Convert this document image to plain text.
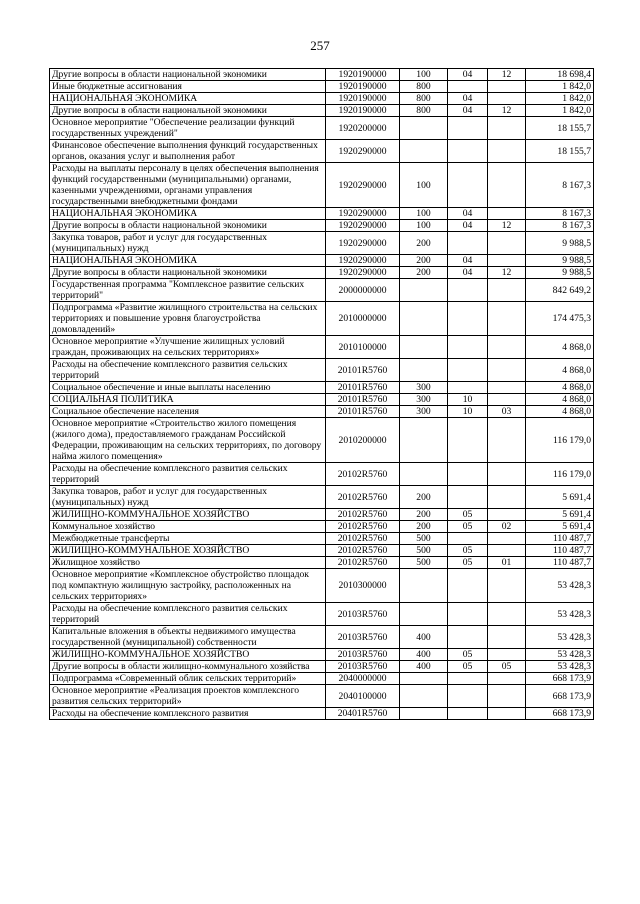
257
Другие вопросы в области национальной экономики	1920190000	100	04	12	18 698,4
Иные бюджетные ассигнования	1920190000	800			1 842,0
НАЦИОНАЛЬНАЯ ЭКОНОМИКА	1920190000	800	04		1 842,0
Другие вопросы в области национальной экономики	1920190000	800	04	12	1 842,0
Основное мероприятие "Обеспечение реализации функций государственных учреждений"	1920200000				18 155,7
Финансовое обеспечение выполнения функций государственных органов, оказания услуг и выполнения работ	1920290000				18 155,7
Расходы на выплаты персоналу в целях обеспечения выполнения функций государственными (муниципальными) органами, казенными учреждениями, органами управления государственными внебюджетными фондами	1920290000	100			8 167,3
НАЦИОНАЛЬНАЯ ЭКОНОМИКА	1920290000	100	04		8 167,3
Другие вопросы в области национальной экономики	1920290000	100	04	12	8 167,3
Закупка товаров, работ и услуг для государственных (муниципальных) нужд	1920290000	200			9 988,5
НАЦИОНАЛЬНАЯ ЭКОНОМИКА	1920290000	200	04		9 988,5
Другие вопросы в области национальной экономики	1920290000	200	04	12	9 988,5
Государственная программа "Комплексное развитие сельских территорий"	2000000000				842 649,2
Подпрограмма «Развитие жилищного строительства на сельских территориях и повышение уровня благоустройства домовладений»	2010000000				174 475,3
Основное мероприятие «Улучшение жилищных условий граждан, проживающих на сельских территориях»	2010100000				4 868,0
Расходы на обеспечение комплексного развития сельских территорий	20101R5760				4 868,0
Социальное обеспечение и иные выплаты населению	20101R5760	300			4 868,0
СОЦИАЛЬНАЯ ПОЛИТИКА	20101R5760	300	10		4 868,0
Социальное обеспечение населения	20101R5760	300	10	03	4 868,0
Основное мероприятие «Строительство жилого помещения (жилого дома), предоставляемого гражданам Российской Федерации, проживающим на сельских территориях, по договору найма жилого помещения»	2010200000				116 179,0
Расходы на обеспечение комплексного развития сельских территорий	20102R5760				116 179,0
Закупка товаров, работ и услуг для государственных (муниципальных) нужд	20102R5760	200			5 691,4
ЖИЛИЩНО-КОММУНАЛЬНОЕ ХОЗЯЙСТВО	20102R5760	200	05		5 691,4
Коммунальное хозяйство	20102R5760	200	05	02	5 691,4
Межбюджетные трансферты	20102R5760	500			110 487,7
ЖИЛИЩНО-КОММУНАЛЬНОЕ ХОЗЯЙСТВО	20102R5760	500	05		110 487,7
Жилищное хозяйство	20102R5760	500	05	01	110 487,7
Основное мероприятие «Комплексное обустройство площадок под компактную жилищную застройку, расположенных на сельских территориях»	2010300000				53 428,3
Расходы на обеспечение комплексного развития сельских территорий	20103R5760				53 428,3
Капитальные вложения в объекты недвижимого имущества государственной (муниципальной) собственности	20103R5760	400			53 428,3
ЖИЛИЩНО-КОММУНАЛЬНОЕ ХОЗЯЙСТВО	20103R5760	400	05		53 428,3
Другие вопросы в области жилищно-коммунального хозяйства	20103R5760	400	05	05	53 428,3
Подпрограмма «Современный облик сельских территорий»	2040000000				668 173,9
Основное мероприятие «Реализация проектов комплексного развития сельских территорий»	2040100000				668 173,9
Расходы на обеспечение комплексного развития	20401R5760				668 173,9
